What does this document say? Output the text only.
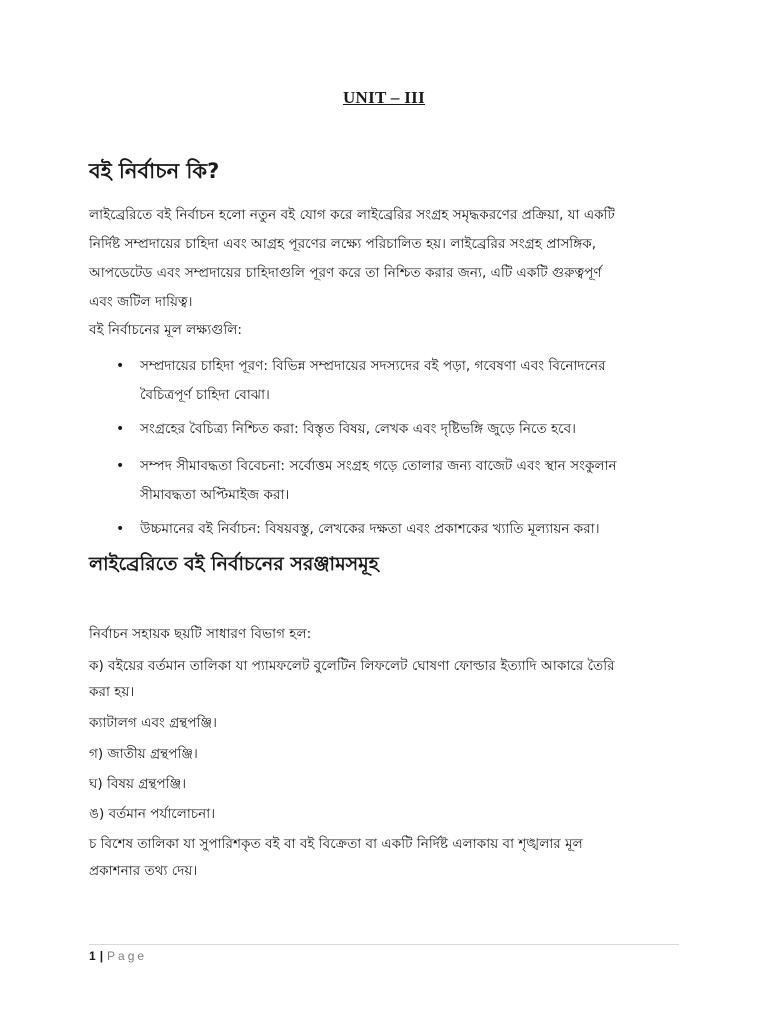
UNIT – III
বই নির্বাচন কি?
লাইব্রেরিতে বই নির্বাচন হলো নতুন বই যোগ করে লাইব্রেরির সংগ্রহ সমৃদ্ধকরণের প্রক্রিয়া, যা একটি
নির্দিষ্ট সম্প্রদায়ের চাহিদা এবং আগ্রহ পূরণের লক্ষ্যে পরিচালিত হয়। লাইব্রেরির সংগ্রহ প্রাসঙ্গিক,
আপডেটেড এবং সম্প্রদায়ের চাহিদাগুলি পূরণ করে তা নিশ্চিত করার জন্য, এটি একটি গুরুত্বপূর্ণ
এবং জটিল দায়িত্ব।
বই নির্বাচনের মূল লক্ষ্যগুলি:
• সম্প্রদায়ের চাহিদা পূরণ: বিভিন্ন সম্প্রদায়ের সদস্যদের বই পড়া, গবেষণা এবং বিনোদনের
বৈচিত্রপূর্ণ চাহিদা বোঝা।
• সংগ্রহের বৈচিত্র্য নিশ্চিত করা: বিস্তৃত বিষয়, লেখক এবং দৃষ্টিভঙ্গি জুড়ে নিতে হবে।
• সম্পদ সীমাবদ্ধতা বিবেচনা: সর্বোত্তম সংগ্রহ গড়ে তোলার জন্য বাজেট এবং স্থান সংকুলান
সীমাবদ্ধতা অপ্টিমাইজ করা।
• উচ্চমানের বই নির্বাচন: বিষয়বস্তু, লেখকের দক্ষতা এবং প্রকাশকের খ্যাতি মূল্যায়ন করা।
লাইব্রেরিতে বই নির্বাচনের সরঞ্জামসমূহ
নির্বাচন সহায়ক ছয়টি সাধারণ বিভাগ হল:
ক) বইয়ের বর্তমান তালিকা যা প্যামফলেট বুলেটিন লিফলেট ঘোষণা ফোল্ডার ইত্যাদি আকারে তৈরি
করা হয়।
ক্যাটালগ এবং গ্রন্থপঞ্জি।
গ) জাতীয় গ্রন্থপঞ্জি।
ঘ) বিষয় গ্রন্থপঞ্জি।
ঙ) বর্তমান পর্যালোচনা।
চ বিশেষ তালিকা যা সুপারিশকৃত বই বা বই বিক্রেতা বা একটি নির্দিষ্ট এলাকায় বা শৃঙ্খলার মূল
প্রকাশনার তথ্য দেয়।
1 | Page
